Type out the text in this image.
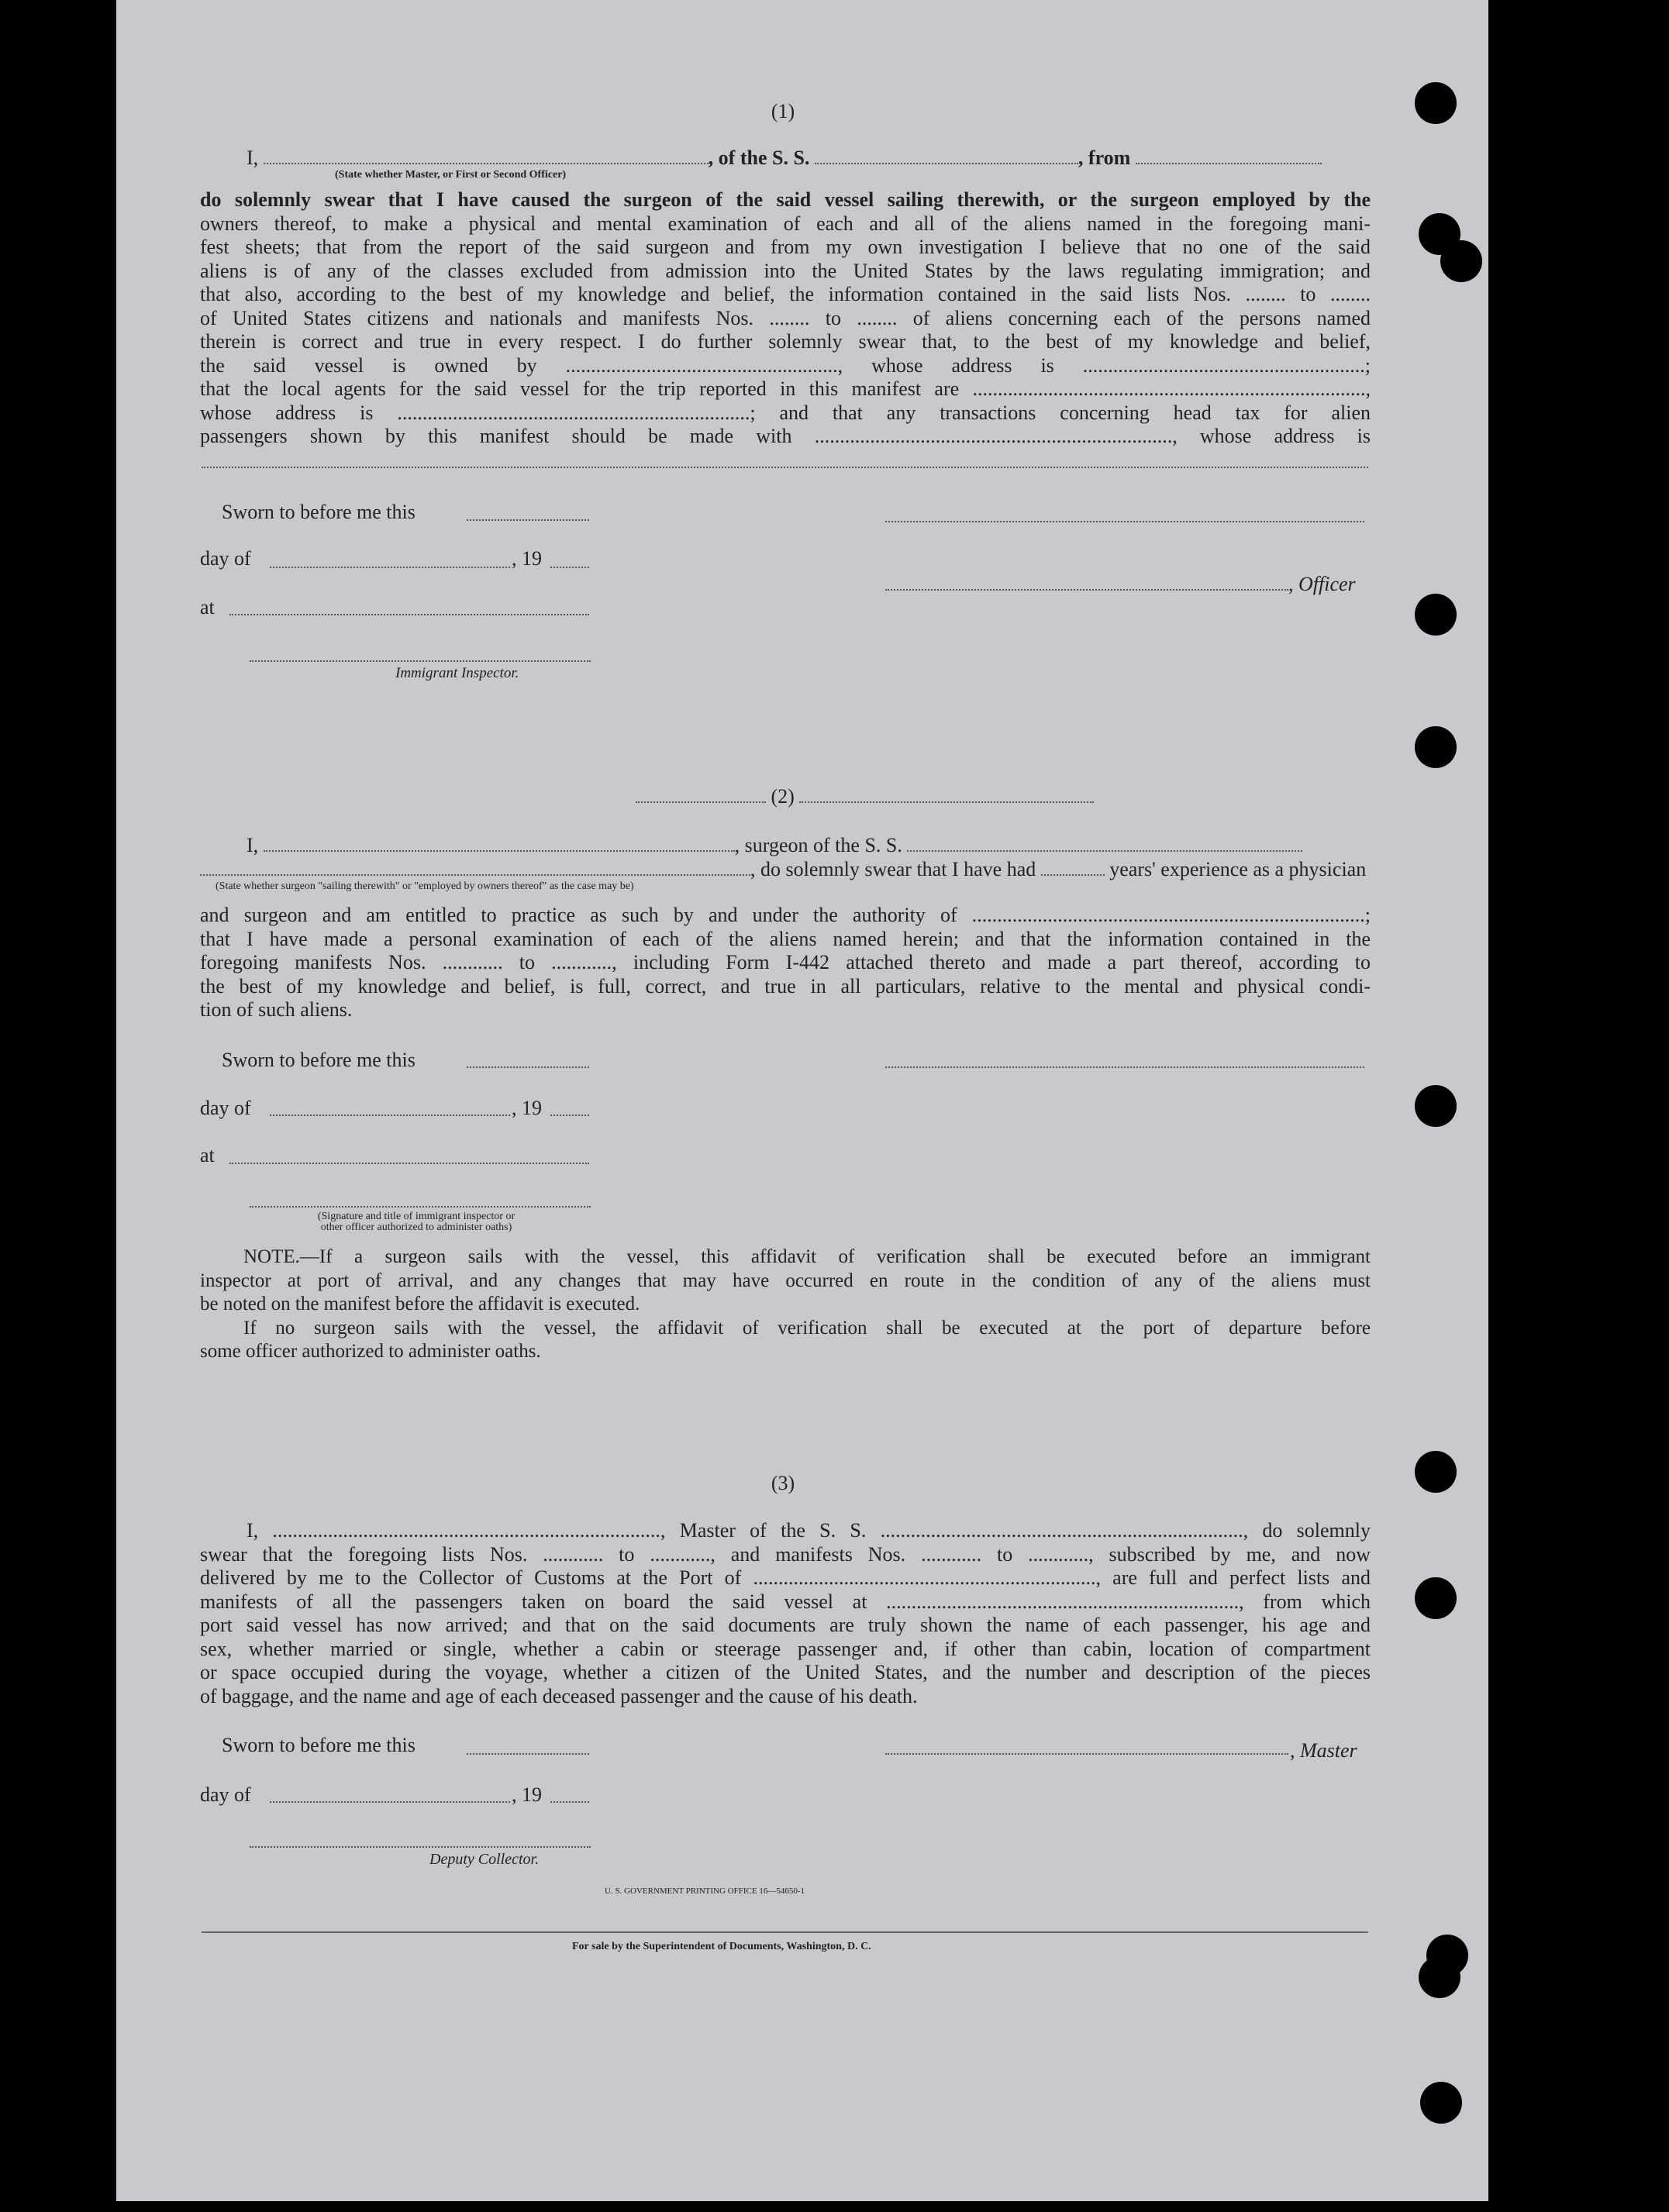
(1)
I,	, of the S. S.	, from
(State whether Master, or First or Second Officer)
do solemnly swear that I have caused the surgeon of the said vessel sailing therewith, or the surgeon employed by the
owners thereof, to make a physical and mental examination of each and all of the aliens named in the foregoing mani-
fest sheets; that from the report of the said surgeon and from my own investigation I believe that no one of the said
aliens is of any of the classes excluded from admission into the United States by the laws regulating immigration; and
that also, according to the best of my knowledge and belief, the information contained in the said lists Nos. ........ to ........
of United States citizens and nationals and manifests Nos. ........ to ........ of aliens concerning each of the persons named
therein is correct and true in every respect. I do further solemnly swear that, to the best of my knowledge and belief,
the said vessel is owned by ......................................................, whose address is ........................................................;
that the local agents for the said vessel for the trip reported in this manifest are ..............................................................................,
whose address is ......................................................................; and that any transactions concerning head tax for alien
passengers shown by this manifest should be made with ......................................................................., whose address is
Sworn to before me this
day of	, 19
at
Immigrant Inspector.
, Officer
(2)
I,	, surgeon of the S. S.
, do solemnly swear that I have had	years' experience as a physician
(State whether surgeon "sailing therewith" or "employed by owners thereof" as the case may be)
and surgeon and am entitled to practice as such by and under the authority of ..............................................................................;
that I have made a personal examination of each of the aliens named herein; and that the information contained in the
foregoing manifests Nos. ............ to ............, including Form I-442 attached thereto and made a part thereof, according to
the best of my knowledge and belief, is full, correct, and true in all particulars, relative to the mental and physical condi-
tion of such aliens.
Sworn to before me this
day of	, 19
at
(Signature and title of immigrant inspector or
other officer authorized to administer oaths)
NOTE.—If a surgeon sails with the vessel, this affidavit of verification shall be executed before an immigrant
inspector at port of arrival, and any changes that may have occurred en route in the condition of any of the aliens must
be noted on the manifest before the affidavit is executed.
If no surgeon sails with the vessel, the affidavit of verification shall be executed at the port of departure before
some officer authorized to administer oaths.
(3)
I, ............................................................................., Master of the S. S. ........................................................................, do solemnly
swear that the foregoing lists Nos. ............ to ............, and manifests Nos. ............ to ............, subscribed by me, and now
delivered by me to the Collector of Customs at the Port of ...................................................................., are full and perfect lists and
manifests of all the passengers taken on board the said vessel at ......................................................................, from which
port said vessel has now arrived; and that on the said documents are truly shown the name of each passenger, his age and
sex, whether married or single, whether a cabin or steerage passenger and, if other than cabin, location of compartment
or space occupied during the voyage, whether a citizen of the United States, and the number and description of the pieces
of baggage, and the name and age of each deceased passenger and the cause of his death.
Sworn to before me this	, Master
day of	, 19
Deputy Collector.
U. S. GOVERNMENT PRINTING OFFICE 16—54650-1
For sale by the Superintendent of Documents, Washington, D. C.
